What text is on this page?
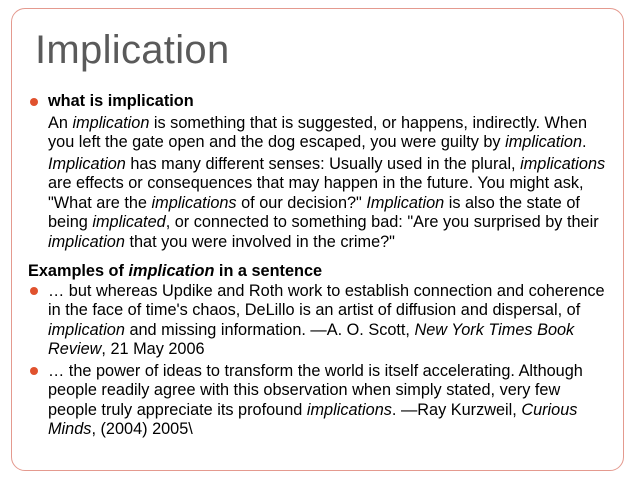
Implication
what is implication
An implication is something that is suggested, or happens, indirectly. When you left the gate open and the dog escaped, you were guilty by implication.
Implication has many different senses: Usually used in the plural, implications are effects or consequences that may happen in the future. You might ask, "What are the implications of our decision?" Implication is also the state of being implicated, or connected to something bad: "Are you surprised by their implication that you were involved in the crime?"
Examples of implication in a sentence
… but whereas Updike and Roth work to establish connection and coherence in the face of time's chaos, DeLillo is an artist of diffusion and dispersal, of implication and missing information. —A. O. Scott, New York Times Book Review, 21 May 2006
… the power of ideas to transform the world is itself accelerating. Although people readily agree with this observation when simply stated, very few people truly appreciate its profound implications. —Ray Kurzweil, Curious Minds, (2004) 2005\
